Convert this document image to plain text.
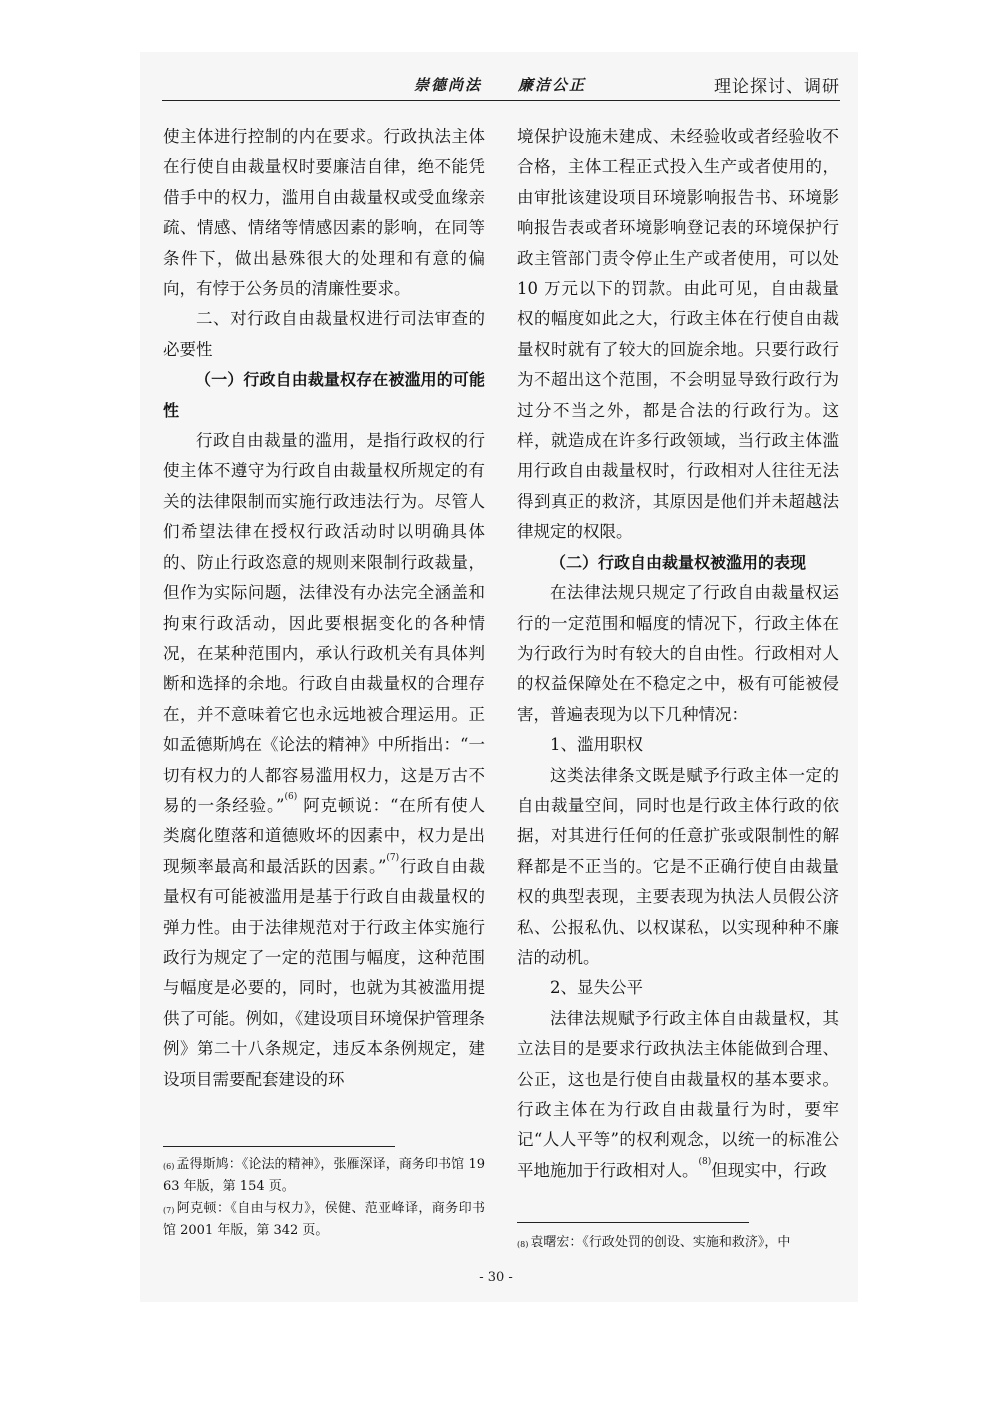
崇德尚法 廉洁公正	理论探讨、调研

使主体进行控制的内在要求。行政执法主体在行使自由裁量权时要廉洁自律，绝不能凭借手中的权力，滥用自由裁量权或受血缘亲疏、情感、情绪等情感因素的影响，在同等条件下，做出悬殊很大的处理和有意的偏向，有悖于公务员的清廉性要求。

二、对行政自由裁量权进行司法审查的必要性

（一）行政自由裁量权存在被滥用的可能性

行政自由裁量的滥用，是指行政权的行使主体不遵守为行政自由裁量权所规定的有关的法律限制而实施行政违法行为。尽管人们希望法律在授权行政活动时以明确具体的、防止行政恣意的规则来限制行政裁量，但作为实际问题，法律没有办法完全涵盖和拘束行政活动，因此要根据变化的各种情况，在某种范围内，承认行政机关有具体判断和选择的余地。行政自由裁量权的合理存在，并不意味着它也永远地被合理运用。正如孟德斯鸠在《论法的精神》中所指出：“一切有权力的人都容易滥用权力，这是万古不易的一条经验。”$^{(6)}$ 阿克顿说：“在所有使人类腐化堕落和道德败坏的因素中，权力是出现频率最高和最活跃的因素。”$^{(7)}$行政自由裁量权有可能被滥用是基于行政自由裁量权的弹力性。由于法律规范对于行政主体实施行政行为规定了一定的范围与幅度，这种范围与幅度是必要的，同时，也就为其被滥用提供了可能。例如，《建设项目环境保护管理条例》第二十八条规定，违反本条例规定，建设项目需要配套建设的环

境保护设施未建成、未经验收或者经验收不合格，主体工程正式投入生产或者使用的，由审批该建设项目环境影响报告书、环境影响报告表或者环境影响登记表的环境保护行政主管部门责令停止生产或者使用，可以处 10 万元以下的罚款。由此可见，自由裁量权的幅度如此之大，行政主体在行使自由裁量权时就有了较大的回旋余地。只要行政行为不超出这个范围，不会明显导致行政行为过分不当之外，都是合法的行政行为。这样，就造成在许多行政领域，当行政主体滥用行政自由裁量权时，行政相对人往往无法得到真正的救济，其原因是他们并未超越法律规定的权限。

（二）行政自由裁量权被滥用的表现

在法律法规只规定了行政自由裁量权运行的一定范围和幅度的情况下，行政主体在为行政行为时有较大的自由性。行政相对人的权益保障处在不稳定之中，极有可能被侵害，普遍表现为以下几种情况：

1、滥用职权

这类法律条文既是赋予行政主体一定的自由裁量空间，同时也是行政主体行政的依据，对其进行任何的任意扩张或限制性的解释都是不正当的。它是不正确行使自由裁量权的典型表现，主要表现为执法人员假公济私、公报私仇、以权谋私，以实现种种不廉洁的动机。

2、显失公平

法律法规赋予行政主体自由裁量权，其立法目的是要求行政执法主体能做到合理、公正，这也是行使自由裁量权的基本要求。行政主体在为行政自由裁量行为时，要牢记“人人平等”的权利观念，以统一的标准公平地施加于行政相对人。$^{(8)}$但现实中，行政

$^{(6)}$ 孟得斯鸠：《论法的精神》，张雁深译，商务印书馆 1963 年版，第 154 页。
$^{(7)}$ 阿克顿：《自由与权力》，侯健、范亚峰译，商务印书馆 2001 年版，第 342 页。
$^{(8)}$ 袁曙宏：《行政处罚的创设、实施和救济》，中
- 30 -
